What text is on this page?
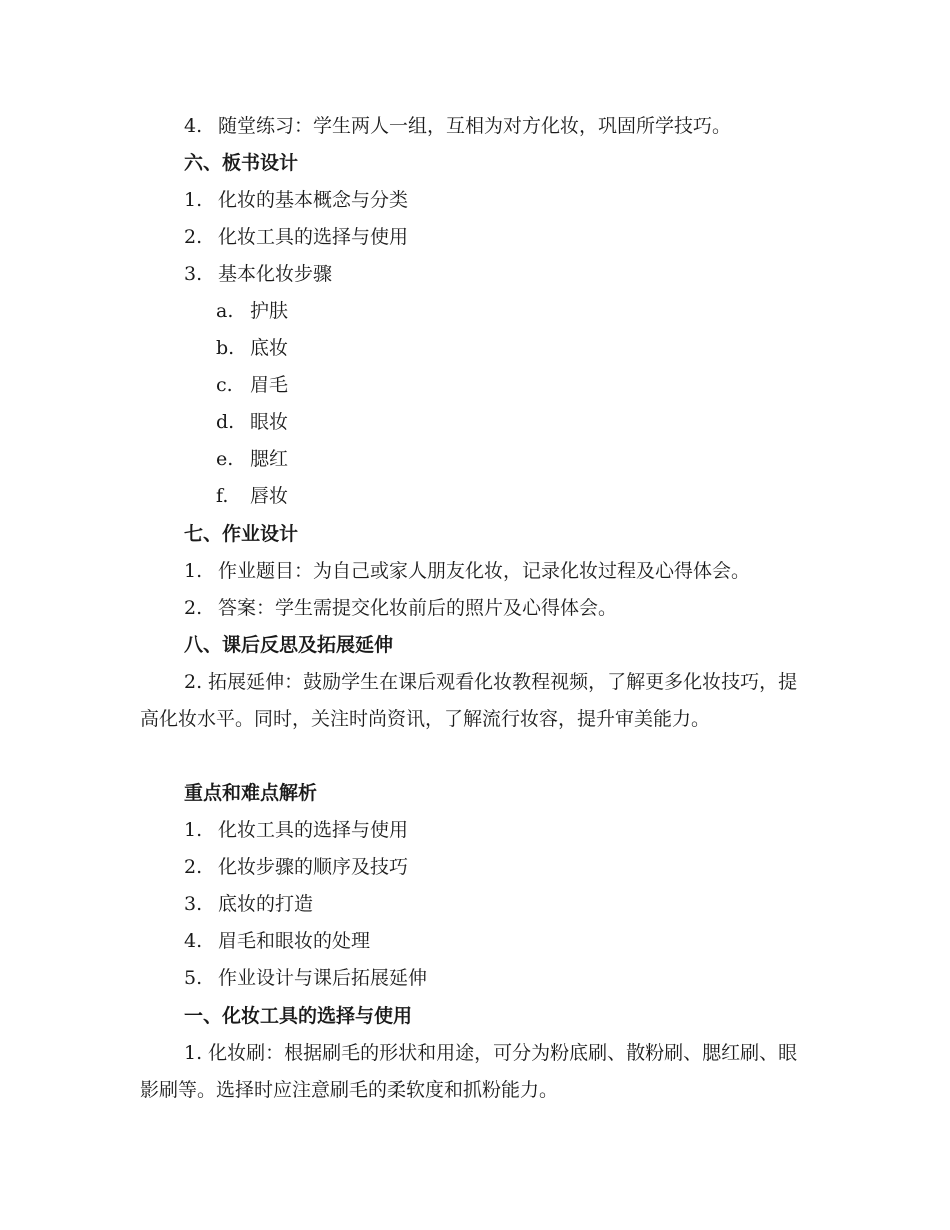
4. 随堂练习：学生两人一组，互相为对方化妆，巩固所学技巧。
六、板书设计
1. 化妆的基本概念与分类
2. 化妆工具的选择与使用
3. 基本化妆步骤
a. 护肤
b. 底妆
c. 眉毛
d. 眼妆
e. 腮红
f. 唇妆
七、作业设计
1. 作业题目：为自己或家人朋友化妆，记录化妆过程及心得体会。
2. 答案：学生需提交化妆前后的照片及心得体会。
八、课后反思及拓展延伸
2. 拓展延伸：鼓励学生在课后观看化妆教程视频，了解更多化妆技巧，提高化妆水平。同时，关注时尚资讯，了解流行妆容，提升审美能力。
重点和难点解析
1. 化妆工具的选择与使用
2. 化妆步骤的顺序及技巧
3. 底妆的打造
4. 眉毛和眼妆的处理
5. 作业设计与课后拓展延伸
一、化妆工具的选择与使用
1. 化妆刷：根据刷毛的形状和用途，可分为粉底刷、散粉刷、腮红刷、眼影刷等。选择时应注意刷毛的柔软度和抓粉能力。
